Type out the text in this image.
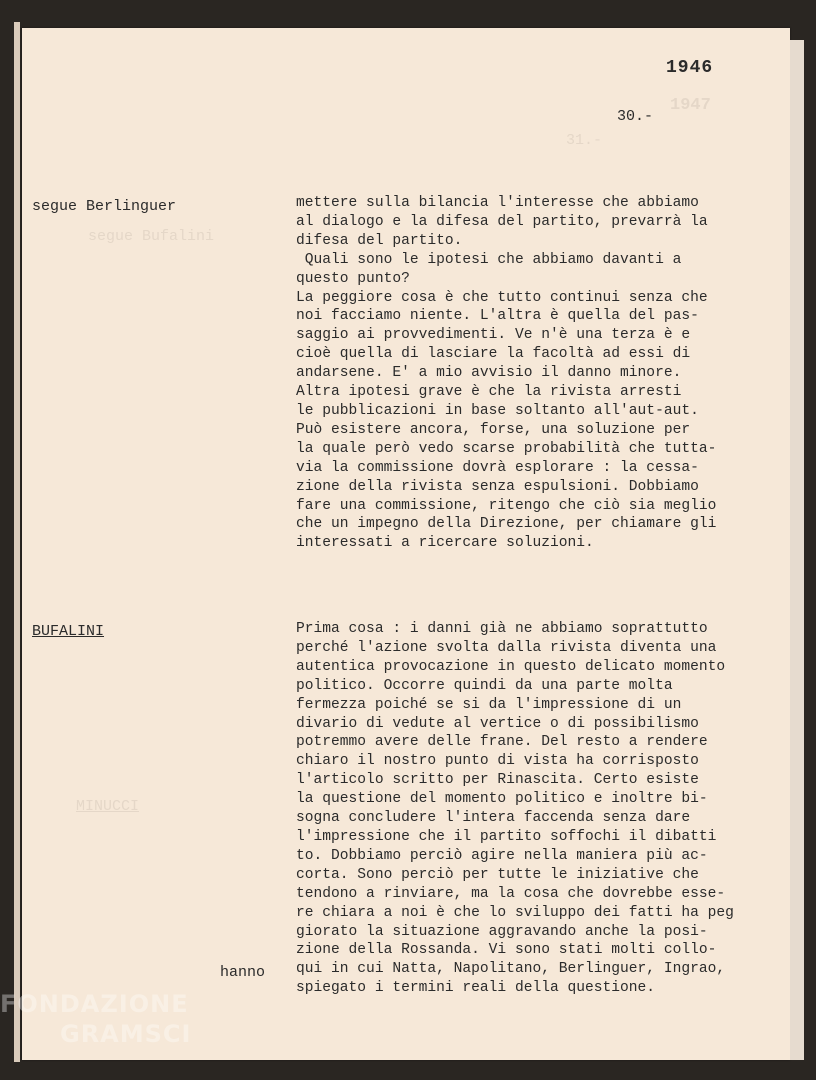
1947
31.-
segue Bufalini
MINUCCI
1946
30.-
segue Berlinguer	mettere sulla bilancia l'interesse che abbiamo
al dialogo e la difesa del partito, prevarrà la
difesa del partito.
Quali sono le ipotesi che abbiamo davanti a
questo punto?
La peggiore cosa è che tutto continui senza che
noi facciamo niente. L'altra è quella del pas-
saggio ai provvedimenti. Ve n'è una terza è e
cioè quella di lasciare la facoltà ad essi di
andarsene. E' a mio avvisio il danno minore.
Altra ipotesi grave è che la rivista arresti
le pubblicazioni in base soltanto all'aut-aut.
Può esistere ancora, forse, una soluzione per
la quale però vedo scarse probabilità che tutta-
via la commissione dovrà esplorare : la cessa-
zione della rivista senza espulsioni. Dobbiamo
fare una commissione, ritengo che ciò sia meglio
che un impegno della Direzione, per chiamare gli
interessati a ricercare soluzioni.
BUFALINI	Prima cosa : i danni già ne abbiamo soprattutto
perché l'azione svolta dalla rivista diventa una
autentica provocazione in questo delicato momento
politico. Occorre quindi da una parte molta
fermezza poiché se si da l'impressione di un
divario di vedute al vertice o di possibilismo
potremmo avere delle frane. Del resto a rendere
chiaro il nostro punto di vista ha corrisposto
l'articolo scritto per Rinascita. Certo esiste
la questione del momento politico e inoltre bi-
sogna concludere l'intera faccenda senza dare
l'impressione che il partito soffochi il dibatti
to. Dobbiamo perciò agire nella maniera più ac-
corta. Sono perciò per tutte le iniziative che
tendono a rinviare, ma la cosa che dovrebbe esse-
re chiara a noi è che lo sviluppo dei fatti ha peg
giorato la situazione aggravando anche la posi-
zione della Rossanda. Vi sono stati molti collo-
qui in cui Natta, Napolitano, Berlinguer, Ingrao,
spiegato i termini reali della questione.
hanno
FONDAZIONE
GRAMSCI
